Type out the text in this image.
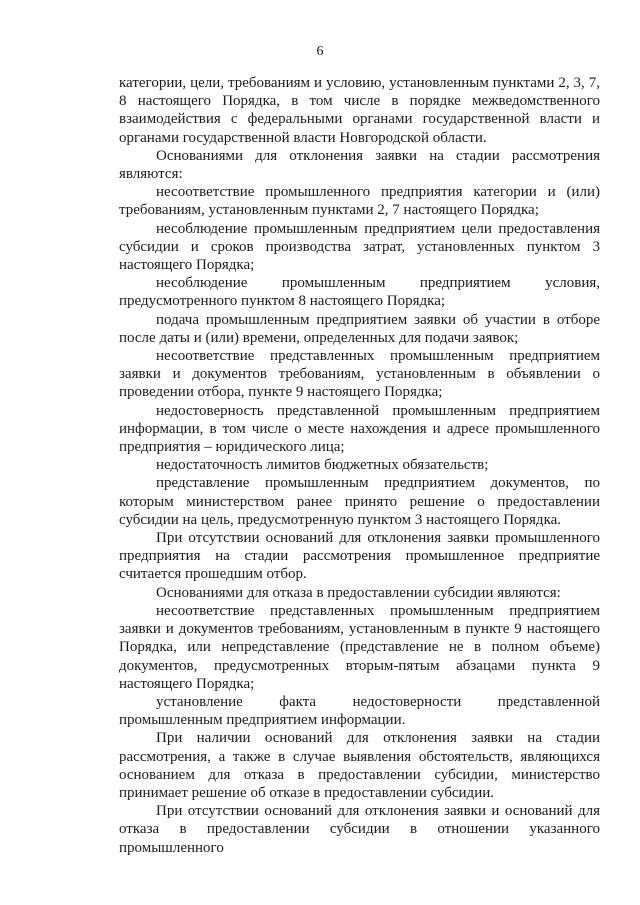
6

категории, цели, требованиям и условию, установленным пунктами 2, 3, 7, 8 настоящего Порядка, в том числе в порядке межведомственного взаимодействия с федеральными органами государственной власти и органами государственной власти Новгородской области.

Основаниями для отклонения заявки на стадии рассмотрения являются:

несоответствие промышленного предприятия категории и (или) требованиям, установленным пунктами 2, 7 настоящего Порядка;

несоблюдение промышленным предприятием цели предоставления субсидии и сроков производства затрат, установленных пунктом 3 настоящего Порядка;

несоблюдение промышленным предприятием условия, предусмотренного пунктом 8 настоящего Порядка;

подача промышленным предприятием заявки об участии в отборе после даты и (или) времени, определенных для подачи заявок;

несоответствие представленных промышленным предприятием заявки и документов требованиям, установленным в объявлении о проведении отбора, пункте 9 настоящего Порядка;

недостоверность представленной промышленным предприятием информации, в том числе о месте нахождения и адресе промышленного предприятия – юридического лица;

недостаточность лимитов бюджетных обязательств;

представление промышленным предприятием документов, по которым министерством ранее принято решение о предоставлении субсидии на цель, предусмотренную пунктом 3 настоящего Порядка.

При отсутствии оснований для отклонения заявки промышленного предприятия на стадии рассмотрения промышленное предприятие считается прошедшим отбор.

Основаниями для отказа в предоставлении субсидии являются:

несоответствие представленных промышленным предприятием заявки и документов требованиям, установленным в пункте 9 настоящего Порядка, или непредставление (представление не в полном объеме) документов, предусмотренных вторым-пятым абзацами пункта 9 настоящего Порядка;

установление факта недостоверности представленной промышленным предприятием информации.

При наличии оснований для отклонения заявки на стадии рассмотрения, а также в случае выявления обстоятельств, являющихся основанием для отказа в предоставлении субсидии, министерство принимает решение об отказе в предоставлении субсидии.

При отсутствии оснований для отклонения заявки и оснований для отказа в предоставлении субсидии в отношении указанного промышленного
